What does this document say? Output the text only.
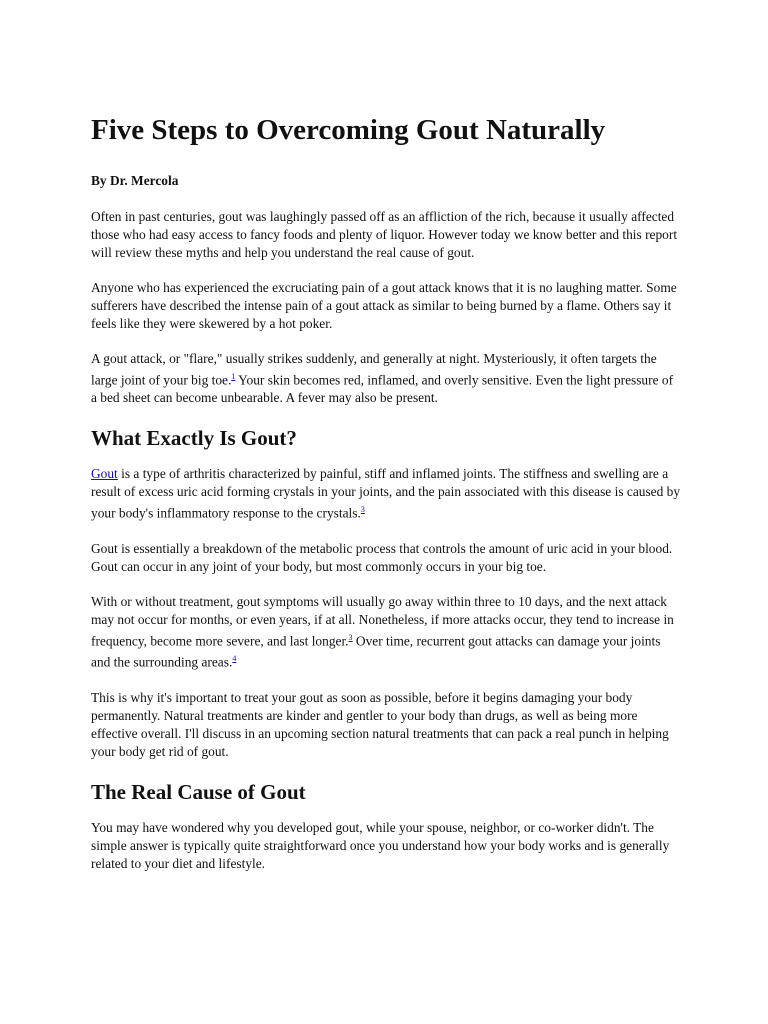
Five Steps to Overcoming Gout Naturally
By Dr. Mercola

Often in past centuries, gout was laughingly passed off as an affliction of the rich, because it usually affected those who had easy access to fancy foods and plenty of liquor. However today we know better and this report will review these myths and help you understand the real cause of gout.

Anyone who has experienced the excruciating pain of a gout attack knows that it is no laughing matter. Some sufferers have described the intense pain of a gout attack as similar to being burned by a flame. Others say it feels like they were skewered by a hot poker.

A gout attack, or "flare," usually strikes suddenly, and generally at night. Mysteriously, it often targets the large joint of your big toe.$^1$ Your skin becomes red, inflamed, and overly sensitive. Even the light pressure of a bed sheet can become unbearable. A fever may also be present.

What Exactly Is Gout?

Gout is a type of arthritis characterized by painful, stiff and inflamed joints. The stiffness and swelling are a result of excess uric acid forming crystals in your joints, and the pain associated with this disease is caused by your body's inflammatory response to the crystals.$^3$

Gout is essentially a breakdown of the metabolic process that controls the amount of uric acid in your blood. Gout can occur in any joint of your body, but most commonly occurs in your big toe.

With or without treatment, gout symptoms will usually go away within three to 10 days, and the next attack may not occur for months, or even years, if at all. Nonetheless, if more attacks occur, they tend to increase in frequency, become more severe, and last longer.$^3$ Over time, recurrent gout attacks can damage your joints and the surrounding areas.$^4$

This is why it's important to treat your gout as soon as possible, before it begins damaging your body permanently. Natural treatments are kinder and gentler to your body than drugs, as well as being more effective overall. I'll discuss in an upcoming section natural treatments that can pack a real punch in helping your body get rid of gout.

The Real Cause of Gout

You may have wondered why you developed gout, while your spouse, neighbor, or co-worker didn't. The simple answer is typically quite straightforward once you understand how your body works and is generally related to your diet and lifestyle.
